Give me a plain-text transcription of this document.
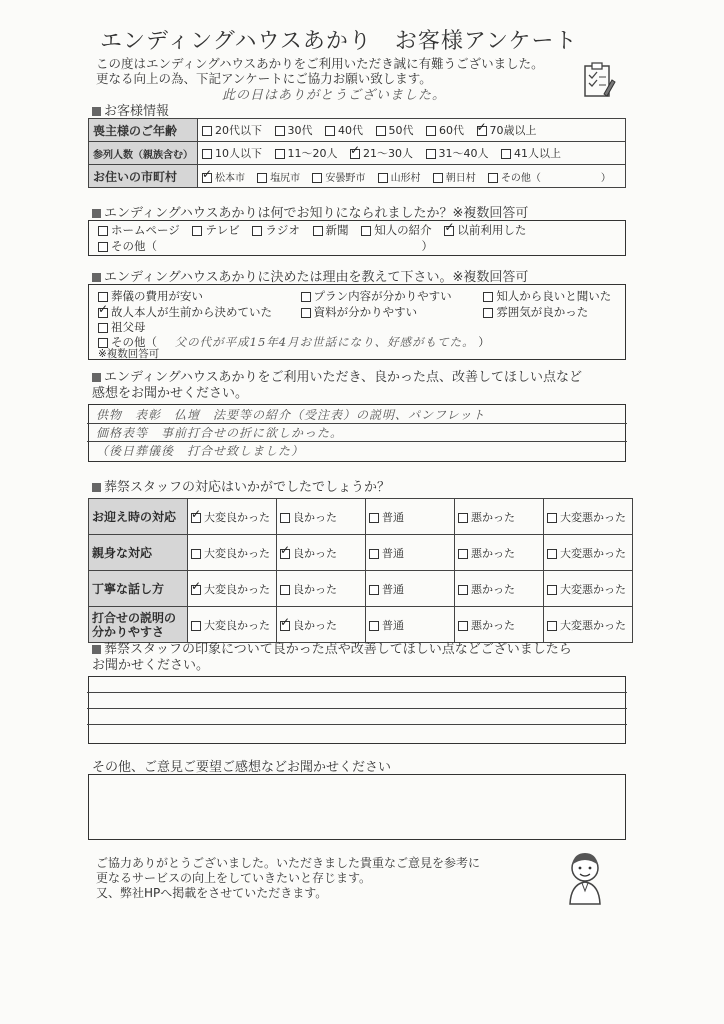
エンディングハウスあかり　お客様アンケート
この度はエンディングハウスあかりをご利用いただき誠に有難うございました。
更なる向上の為、下記アンケートにご協力お願い致します。
此の日はありがとうございました。
お客様情報
喪主様のご年齢	20代以下 30代 40代 50代 60代 ✓ 70歳以上
参列人数（親族含む）	10人以下 11～20人 ✓ 21～30人 31～40人 41人以上
お住いの市町村	✓松本市 塩尻市 安曇野市 山形村 朝日村 その他（　　　　　　）
エンディングハウスあかりは何でお知りになられましたか？※複数回答可
ホームページ テレビ ラジオ 新聞 知人の紹介 ✓ 以前利用した
その他（　　　　　　　　　　　　　　　　　　　　　　　）
エンディングハウスあかりに決めたは理由を教えて下さい。※複数回答可
葬儀の費用が安い	プラン内容が分かりやすい	知人から良いと聞いた
✓故人本人が生前から決めていた	資料が分かりやすい	雰囲気が良かった
祖父母
その他（ 父の代が平成15年4月お世話になり、好感がもてた。 ）
※複数回答可
エンディングハウスあかりをご利用いただき、良かった点、改善してほしい点など
感想をお聞かせください。
供物　表彰　仏壇　法要等の紹介（受注表）の説明、パンフレット
価格表等　事前打合せの折に欲しかった。
（後日葬儀後　打合せ致しました）
葬祭スタッフの対応はいかがでしたでしょうか？
お迎え時の対応	✓大変良かった	良かった	普通	悪かった	大変悪かった
親身な対応	大変良かった	✓良かった	普通	悪かった	大変悪かった
丁寧な話し方	✓大変良かった	良かった	普通	悪かった	大変悪かった
打合せの説明の分かりやすさ	大変良かった	✓良かった	普通	悪かった	大変悪かった
葬祭スタッフの印象について良かった点や改善してほしい点などございましたら
お聞かせください。
その他、ご意見ご要望ご感想などお聞かせください
ご協力ありがとうございました。いただきました貴重なご意見を参考に
更なるサービスの向上をしていきたいと存じます。
又、弊社HPへ掲載をさせていただきます。
